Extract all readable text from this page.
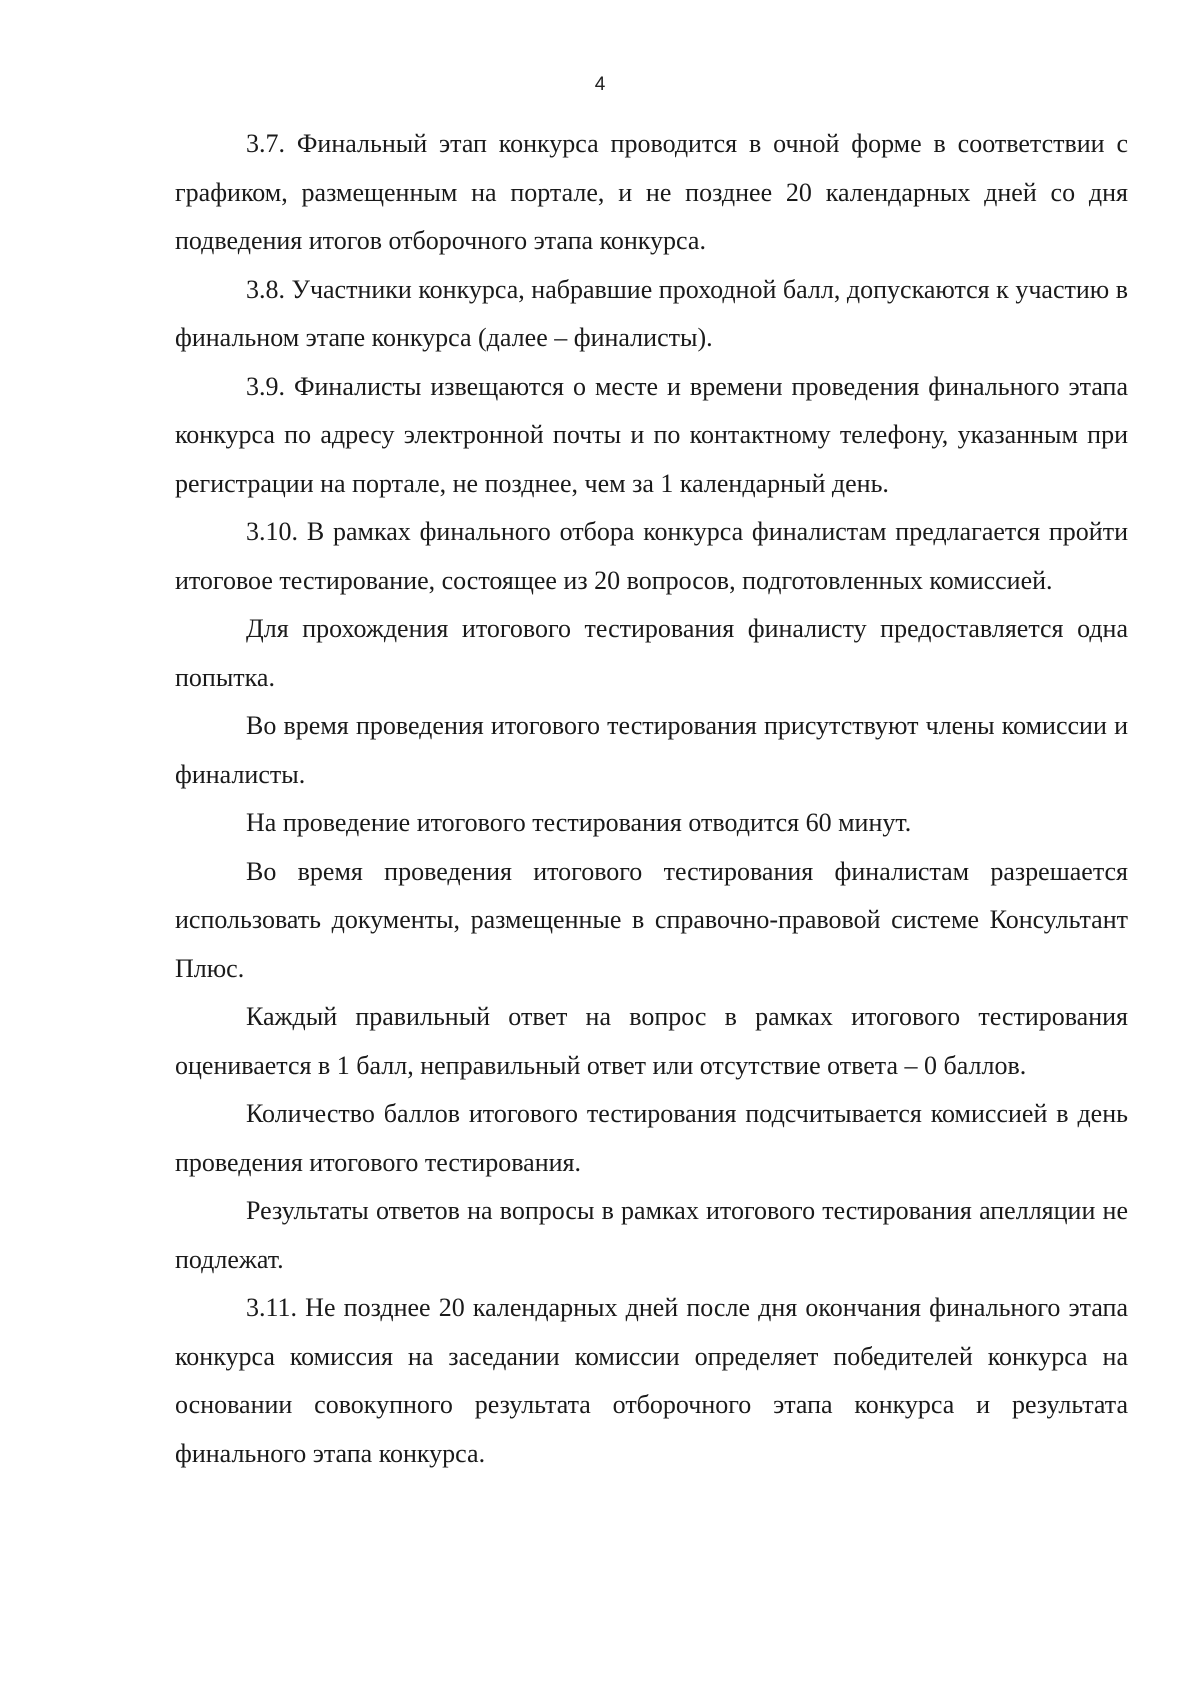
4

3.7. Финальный этап конкурса проводится в очной форме в соответствии с графиком, размещенным на портале, и не позднее 20 календарных дней со дня подведения итогов отборочного этапа конкурса.

3.8. Участники конкурса, набравшие проходной балл, допускаются к участию в финальном этапе конкурса (далее – финалисты).

3.9. Финалисты извещаются о месте и времени проведения финального этапа конкурса по адресу электронной почты и по контактному телефону, указанным при регистрации на портале, не позднее, чем за 1 календарный день.

3.10. В рамках финального отбора конкурса финалистам предлагается пройти итоговое тестирование, состоящее из 20 вопросов, подготовленных комиссией.

Для прохождения итогового тестирования финалисту предоставляется одна попытка.

Во время проведения итогового тестирования присутствуют члены комиссии и финалисты.

На проведение итогового тестирования отводится 60 минут.

Во время проведения итогового тестирования финалистам разрешается использовать документы, размещенные в справочно-правовой системе Консультант Плюс.

Каждый правильный ответ на вопрос в рамках итогового тестирования оценивается в 1 балл, неправильный ответ или отсутствие ответа – 0 баллов.

Количество баллов итогового тестирования подсчитывается комиссией в день проведения итогового тестирования.

Результаты ответов на вопросы в рамках итогового тестирования апелляции не подлежат.

3.11. Не позднее 20 календарных дней после дня окончания финального этапа конкурса комиссия на заседании комиссии определяет победителей конкурса на основании совокупного результата отборочного этапа конкурса и результата финального этапа конкурса.
